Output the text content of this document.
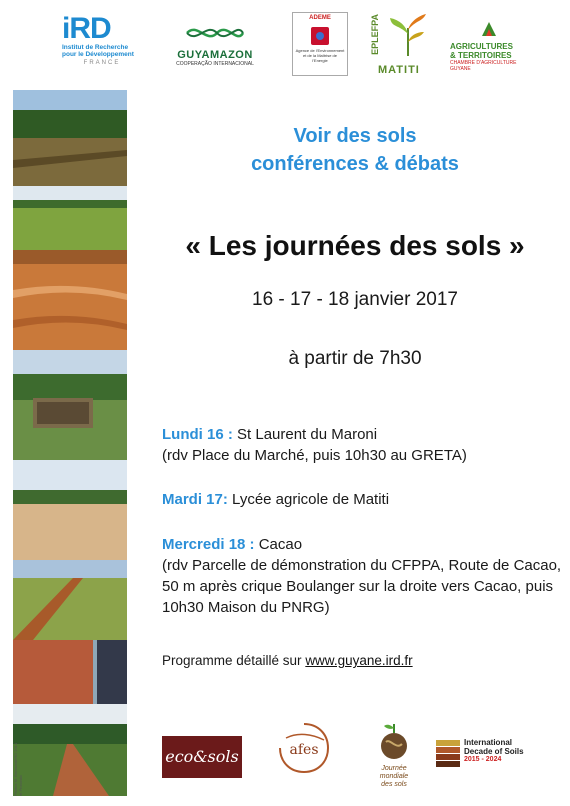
iRD
Institut de Recherche
pour le Développement
FRANCE
GUYAMAZON
COOPERAÇÃO INTERNACIONAL
ADEME
Agence de l'Environnement et de la Maîtrise de l'Energie
EPLEFPA
MATITI
AGRICULTURES
& TERRITOIRES
CHAMBRE D'AGRICULTURE GUYANE
Photos M. Brossard/IRD 2014 et Pronostic
Voir des sols
conférences & débats
« Les journées des sols »
16 - 17 - 18 janvier 2017
à partir de 7h30
Lundi 16 : St Laurent du Maroni
(rdv Place du Marché, puis 10h30 au GRETA)
Mardi 17: Lycée agricole de Matiti
Mercredi 18 : Cacao
(rdv Parcelle de démonstration du CFPPA, Route de Cacao, 50 m après crique Boulanger sur la droite vers Cacao, puis 10h30 Maison du PNRG)
Programme détaillé sur www.guyane.ird.fr
eco&sols	afes
Journée
mondiale
des sols
International
Decade of Soils
2015 - 2024
